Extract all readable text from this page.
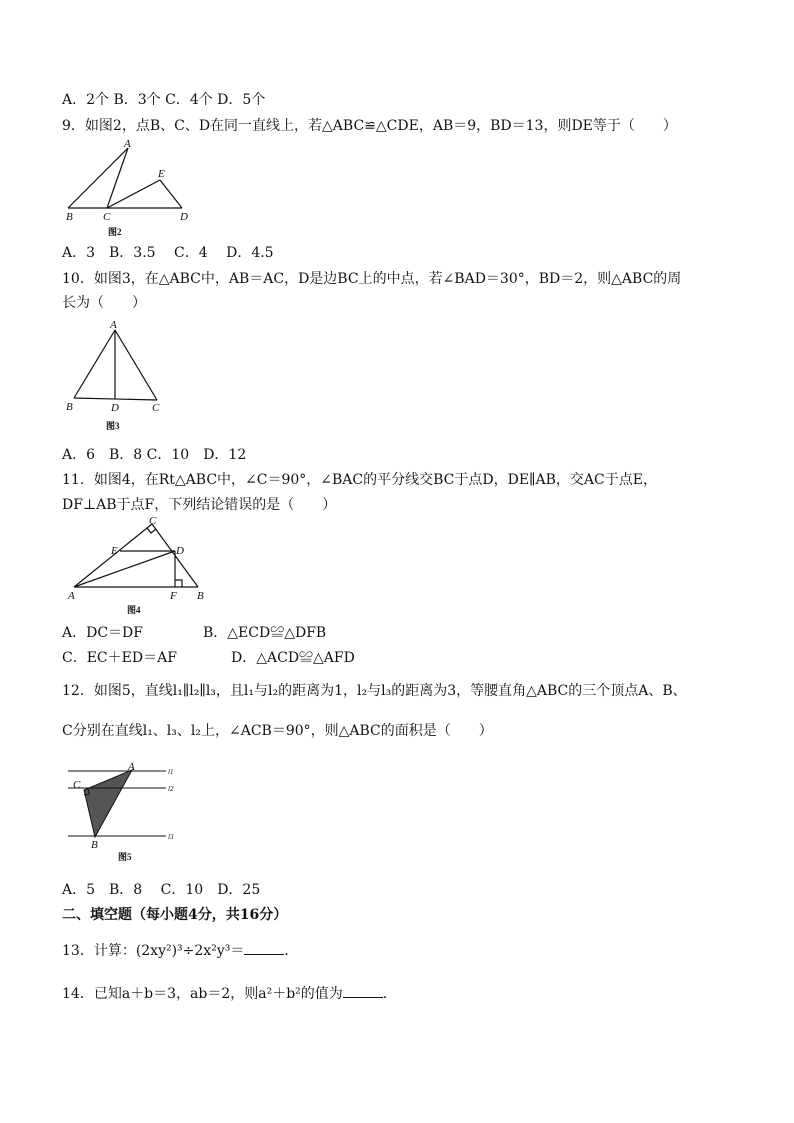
A．2个 B．3个 C．4个 D．5个
9．如图2，点B、C、D在同一直线上，若△ABC≌△CDE，AB＝9，BD＝13，则DE等于（　　）
A
E
B	C	D
图2
A．3　B．3.5　 C．4　 D．4.5
10．如图3，在△ABC中，AB＝AC，D是边BC上的中点，若∠BAD＝30°，BD＝2，则△ABC的周
长为（　　）
A
B	D	C
图3
A．6　B．8 C．10　D．12
11．如图4，在Rt△ABC中，∠C＝90°，∠BAC的平分线交BC于点D，DE∥AB，交AC于点E，
DF⊥AB于点F，下列结论错误的是（　　）
C
E	D
A	F B
图4
A．DC＝DF	B．△ECD≌△DFB
C．EC＋ED＝AF	D．△ACD≌△AFD
12．如图5，直线l₁∥l₂∥l₃，且l₁与l₂的距离为1，l₂与l₃的距离为3，等腰直角△ABC的三个顶点A、B、
C分别在直线l₁、l₃、l₂上，∠ACB＝90°，则△ABC的面积是（　　）
A
C
B
l1
l2
l3
图5
A．5　B．8　 C．10　D．25
二、填空题（每小题4分，共16分）
13．计算：(2xy²)³÷2x²y³＝	．
14．已知a＋b＝3，ab＝2，则a²＋b²的值为	．
